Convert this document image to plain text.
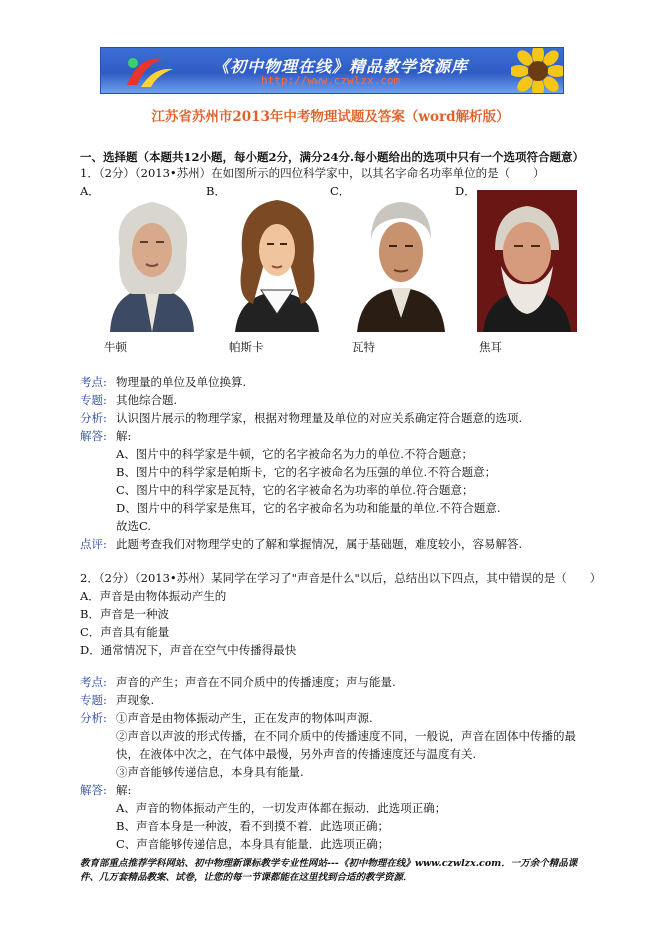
《初中物理在线》精品教学资源库
http://www.czwlzx.com
江苏省苏州市2013年中考物理试题及答案（word解析版）
一、选择题（本题共12小题，每小题2分，满分24分.每小题给出的选项中只有一个选项符合题意）
1．（2分）（2013•苏州）在如图所示的四位科学家中，以其名字命名功率单位的是（　　）
A．	B．	C．	D．
牛顿	帕斯卡	瓦特	焦耳
考点: 物理量的单位及单位换算.
专题: 其他综合题.
分析: 认识图片展示的物理学家，根据对物理量及单位的对应关系确定符合题意的选项.
解答: 解:
A、图片中的科学家是牛顿，它的名字被命名为力的单位.不符合题意；
B、图片中的科学家是帕斯卡，它的名字被命名为压强的单位.不符合题意；
C、图片中的科学家是瓦特，它的名字被命名为功率的单位.符合题意；
D、图片中的科学家是焦耳，它的名字被命名为功和能量的单位.不符合题意.
故选C.
点评: 此题考查我们对物理学史的了解和掌握情况，属于基础题，难度较小，容易解答.
2．（2分）（2013•苏州）某同学在学习了"声音是什么"以后，总结出以下四点，其中错误的是（　　）
A．声音是由物体振动产生的
B．声音是一种波
C．声音具有能量
D．通常情况下，声音在空气中传播得最快
考点: 声音的产生；声音在不同介质中的传播速度；声与能量.
专题: 声现象.
分析: ①声音是由物体振动产生，正在发声的物体叫声源.
②声音以声波的形式传播，在不同介质中的传播速度不同，一般说，声音在固体中传播的最
快，在液体中次之，在气体中最慢，另外声音的传播速度还与温度有关.
③声音能够传递信息，本身具有能量.
解答: 解:
A、声音的物体振动产生的，一切发声体都在振动．此选项正确；
B、声音本身是一种波，看不到摸不着．此选项正确；
C、声音能够传递信息，本身具有能量．此选项正确；
教育部重点推荐学科网站、初中物理新课标教学专业性网站---《初中物理在线》www.czwlzx.com．一万余个精品课
件、几万套精品教案、试卷，让您的每一节课都能在这里找到合适的教学资源．
